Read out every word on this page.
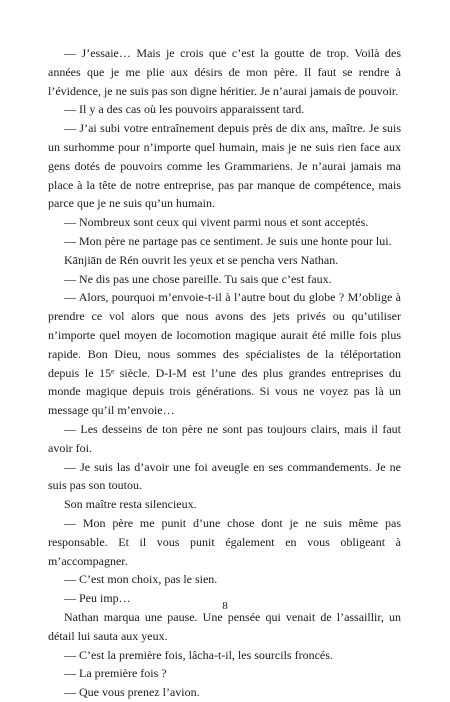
— J’essaie… Mais je crois que c’est la goutte de trop. Voilà des années que je me plie aux désirs de mon père. Il faut se rendre à l’évidence, je ne suis pas son digne héritier. Je n’aurai jamais de pouvoir.

— Il y a des cas où les pouvoirs apparaissent tard.

— J’ai subi votre entraînement depuis près de dix ans, maître. Je suis un surhomme pour n’importe quel humain, mais je ne suis rien face aux gens dotés de pouvoirs comme les Grammariens. Je n’aurai jamais ma place à la tête de notre entreprise, pas par manque de compétence, mais parce que je ne suis qu’un humain.

— Nombreux sont ceux qui vivent parmi nous et sont acceptés.

— Mon père ne partage pas ce sentiment. Je suis une honte pour lui.

Kānjiān de Rén ouvrit les yeux et se pencha vers Nathan.

— Ne dis pas une chose pareille. Tu sais que c’est faux.

— Alors, pourquoi m’envoie-t-il à l’autre bout du globe ? M’oblige à prendre ce vol alors que nous avons des jets privés ou qu’utiliser n’importe quel moyen de locomotion magique aurait été mille fois plus rapide. Bon Dieu, nous sommes des spécialistes de la téléportation depuis le 15ᵉ siècle. D-I-M est l’une des plus grandes entreprises du monde magique depuis trois générations. Si vous ne voyez pas là un message qu’il m’envoie…

— Les desseins de ton père ne sont pas toujours clairs, mais il faut avoir foi.

— Je suis las d’avoir une foi aveugle en ses commandements. Je ne suis pas son toutou.

Son maître resta silencieux.

— Mon père me punit d’une chose dont je ne suis même pas responsable. Et il vous punit également en vous obligeant à m’accompagner.

— C’est mon choix, pas le sien.

— Peu imp…

Nathan marqua une pause. Une pensée qui venait de l’assaillir, un détail lui sauta aux yeux.

— C’est la première fois, lâcha-t-il, les sourcils froncés.

— La première fois ?

— Que vous prenez l’avion.

8
